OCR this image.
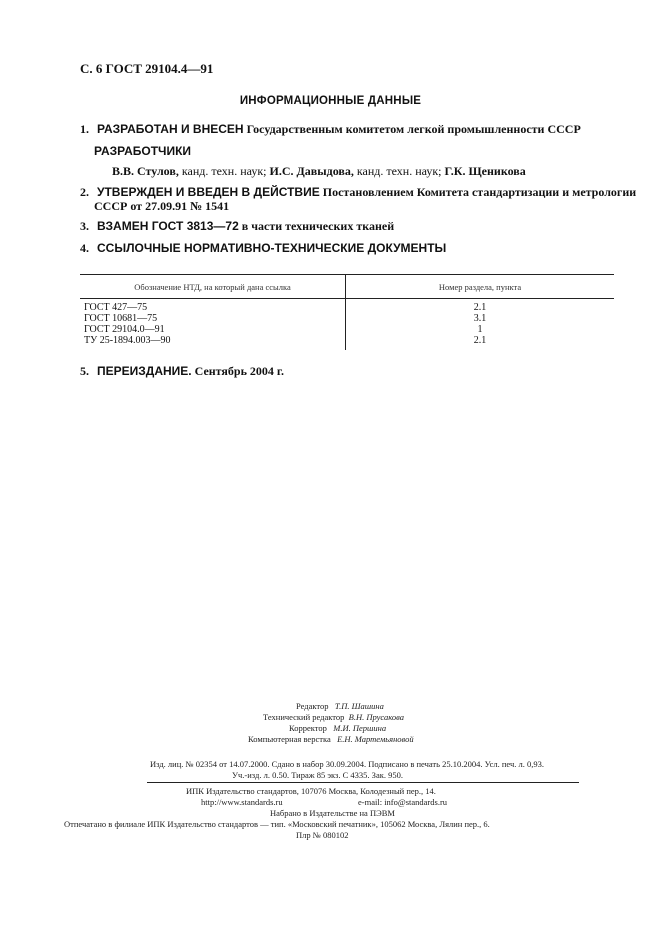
С. 6 ГОСТ 29104.4—91
ИНФОРМАЦИОННЫЕ ДАННЫЕ
1. РАЗРАБОТАН И ВНЕСЕН Государственным комитетом легкой промышленности СССР
РАЗРАБОТЧИКИ
В.В. Стулов, канд. техн. наук; И.С. Давыдова, канд. техн. наук; Г.К. Щеникова
2. УТВЕРЖДЕН И ВВЕДЕН В ДЕЙСТВИЕ Постановлением Комитета стандартизации и метрологии
СССР от 27.09.91 № 1541
3. ВЗАМЕН ГОСТ 3813—72 в части технических тканей
4. ССЫЛОЧНЫЕ НОРМАТИВНО-ТЕХНИЧЕСКИЕ ДОКУМЕНТЫ
Обозначение НТД, на который дана ссылка	Номер раздела, пункта
ГОСТ 427—75
ГОСТ 10681—75
ГОСТ 29104.0—91
ТУ 25-1894.003—90
2.1
3.1
1
2.1
5. ПЕРЕИЗДАНИЕ. Сентябрь 2004 г.
Редактор Т.П. Шашина
Технический редактор В.Н. Прусакова
Корректор М.И. Першина
Компьютерная верстка Е.Н. Мартемьяновой
Изд. лиц. № 02354 от 14.07.2000. Сдано в набор 30.09.2004. Подписано в печать 25.10.2004. Усл. печ. л. 0,93.
Уч.-изд. л. 0.50. Тираж 85 экз. С 4335. Зак. 950.
ИПК Издательство стандартов, 107076 Москва, Колодезный пер., 14.
http://www.standards.ru	e-mail: info@standards.ru
Набрано в Издательстве на ПЭВМ
Отпечатано в филиале ИПК Издательство стандартов — тип. «Московский печатник», 105062 Москва, Лялин пер., 6.
Плр № 080102
